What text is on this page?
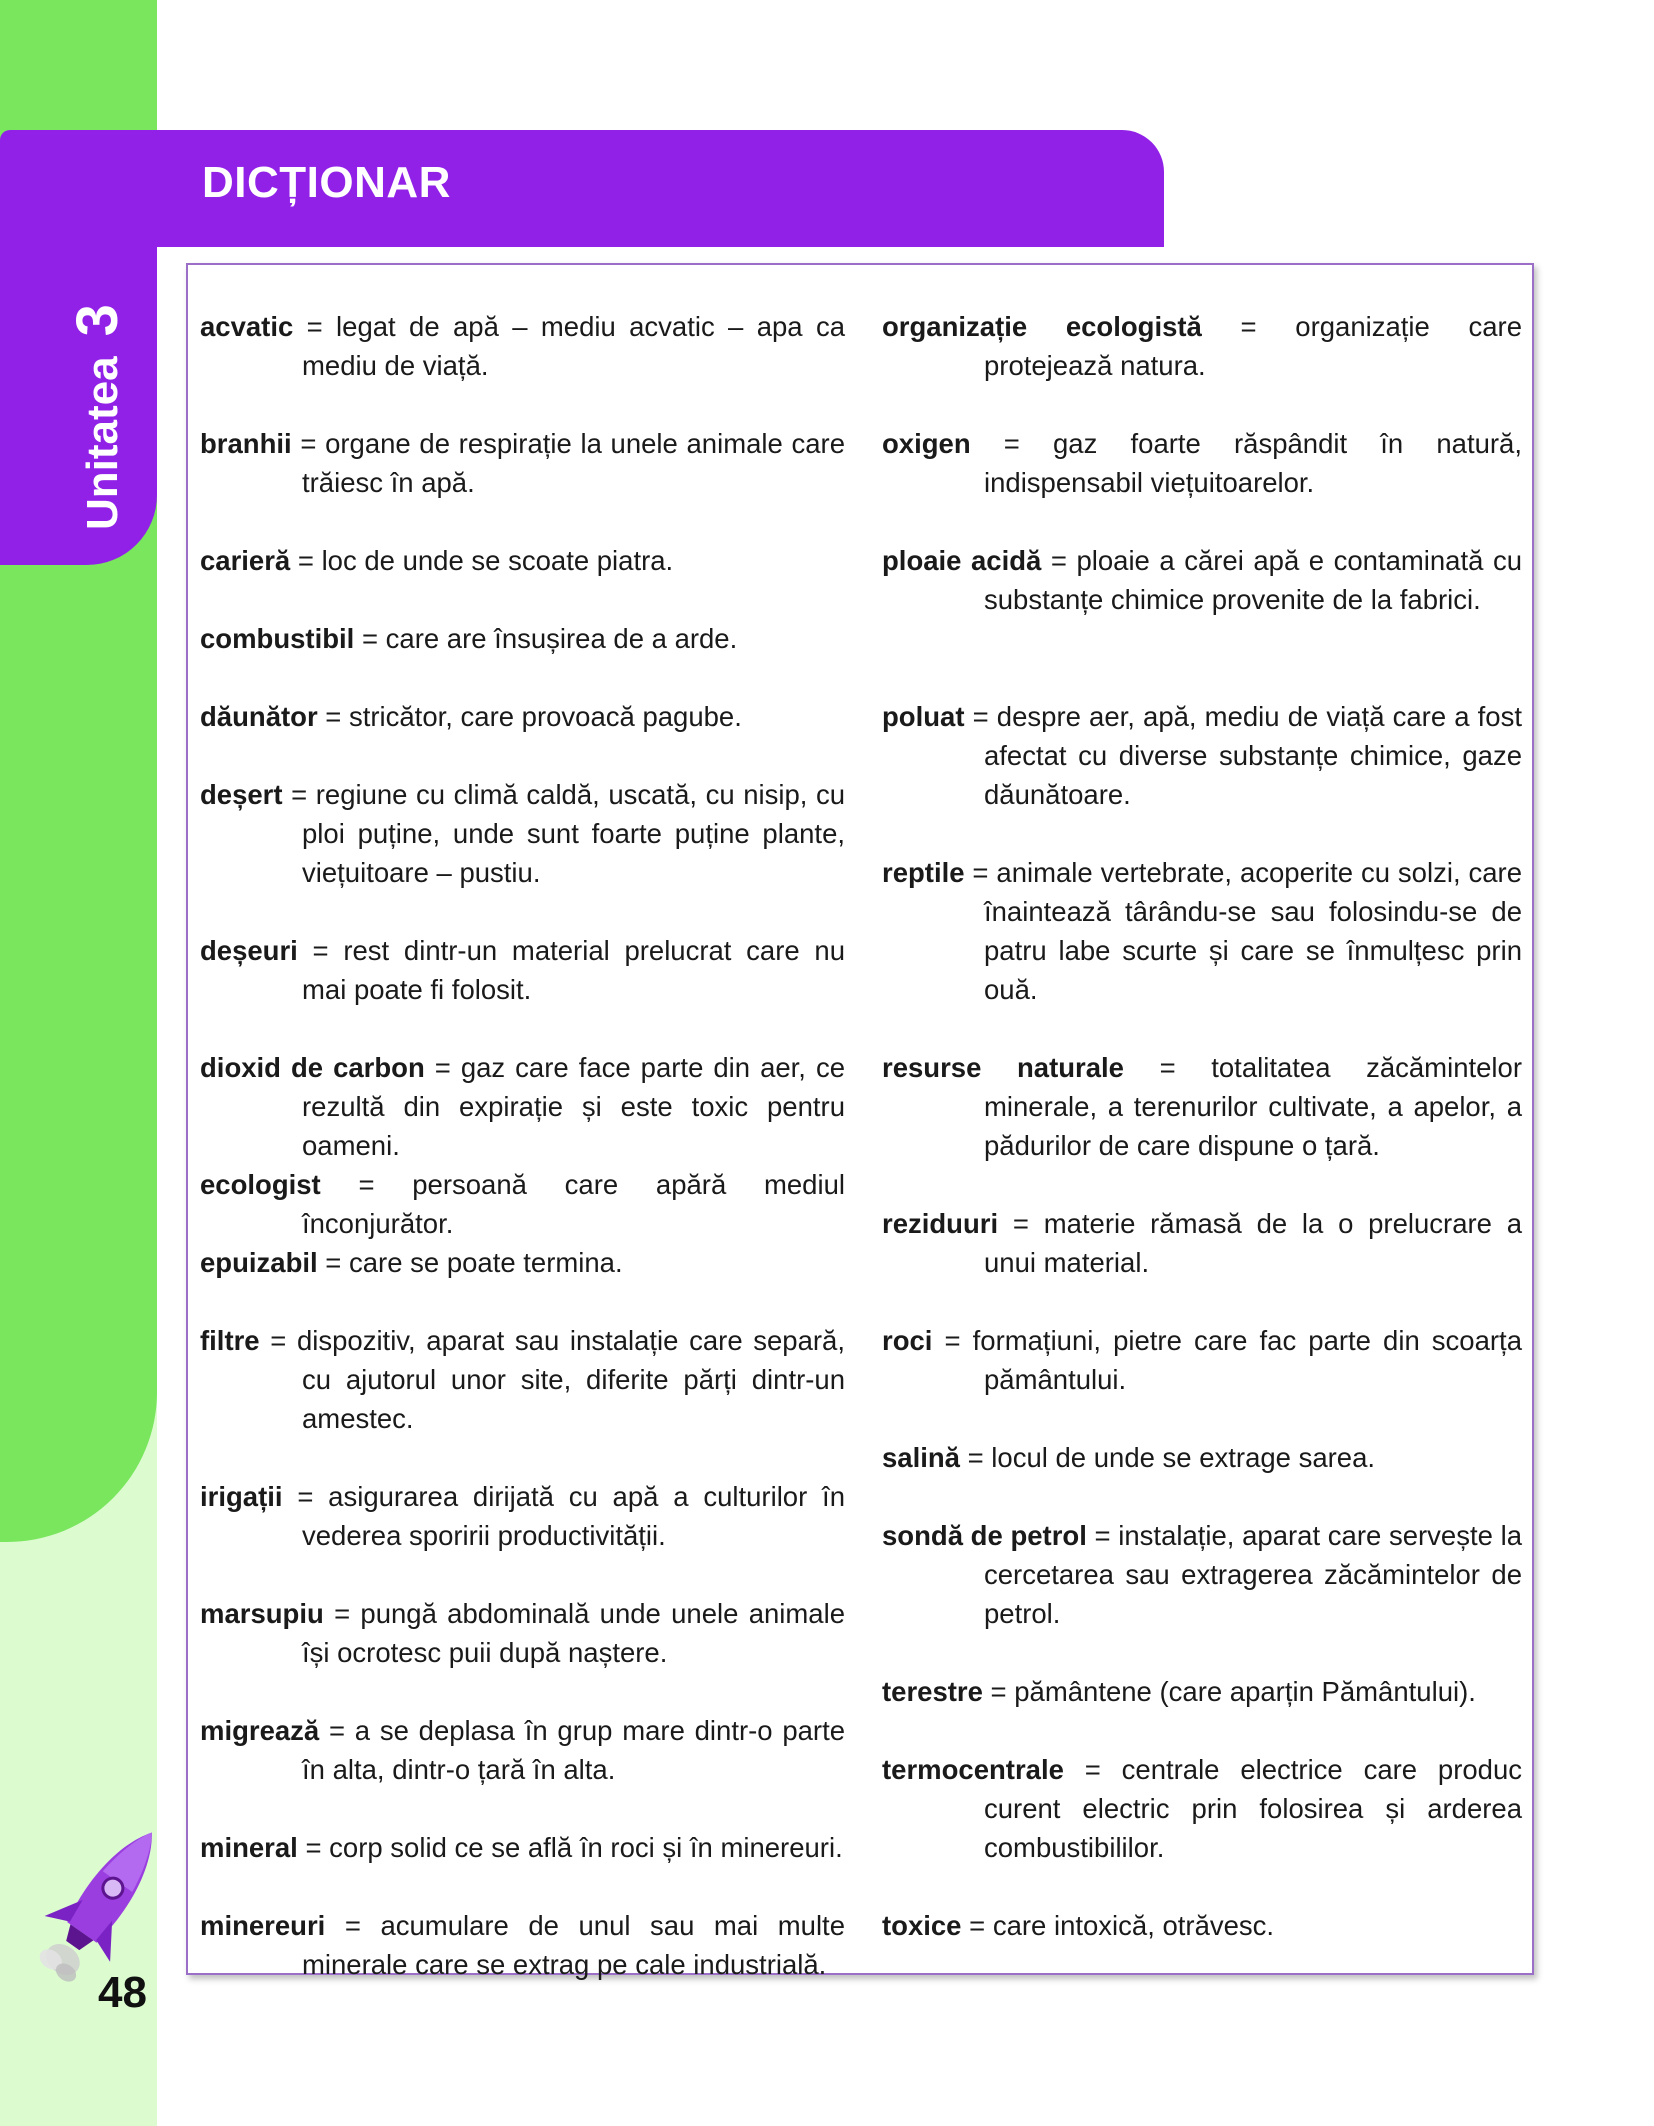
DICȚIONAR
Unitatea
3	acvatic = legat de apă – mediu acvatic – apa ca mediu de viață.

branhii = organe de respirație la unele animale care trăiesc în apă.

carieră = loc de unde se scoate piatra.

combustibil = care are însușirea de a arde.

dăunător = stricător, care provoacă pagube.

deșert = regiune cu climă caldă, uscată, cu nisip, cu ploi puține, unde sunt foarte puține plante, viețuitoare – pustiu.

deșeuri = rest dintr-un material prelucrat care nu mai poate fi folosit.

dioxid de carbon = gaz care face parte din aer, ce rezultă din expirație și este toxic pentru oameni.

ecologist = persoană care apără mediul înconjurător.

epuizabil = care se poate termina.

filtre = dispozitiv, aparat sau instalație care separă, cu ajutorul unor site, diferite părți dintr-un amestec.

irigații = asigurarea dirijată cu apă a culturilor în vederea sporirii productivității.

marsupiu = pungă abdominală unde unele animale își ocrotesc puii după naștere.

migrează = a se deplasa în grup mare dintr-o parte în alta, dintr-o țară în alta.

mineral = corp solid ce se află în roci și în minereuri.

minereuri = acumulare de unul sau mai multe minerale care se extrag pe cale industrială.

organizație ecologistă = organizație care protejează natura.

oxigen = gaz foarte răspândit în natură, indispensabil viețuitoarelor.

ploaie acidă = ploaie a cărei apă e contaminată cu substanțe chimice provenite de la fabrici.

poluat = despre aer, apă, mediu de viață care a fost afectat cu diverse substanțe chimice, gaze dăunătoare.

reptile = animale vertebrate, acoperite cu solzi, care înaintează târându-se sau folosindu-se de patru labe scurte și care se înmulțesc prin ouă.

resurse naturale = totalitatea zăcămintelor minerale, a terenurilor cultivate, a apelor, a pădurilor de care dispune o țară.

reziduuri = materie rămasă de la o prelucrare a unui material.

roci = formațiuni, pietre care fac parte din scoarța pământului.

salină = locul de unde se extrage sarea.

sondă de petrol = instalație, aparat care servește la cercetarea sau extragerea zăcămintelor de petrol.

terestre = pământene (care aparțin Pământului).

termocentrale = centrale electrice care produc curent electric prin folosirea și arderea combustibililor.

toxice = care intoxică, otrăvesc.

48
